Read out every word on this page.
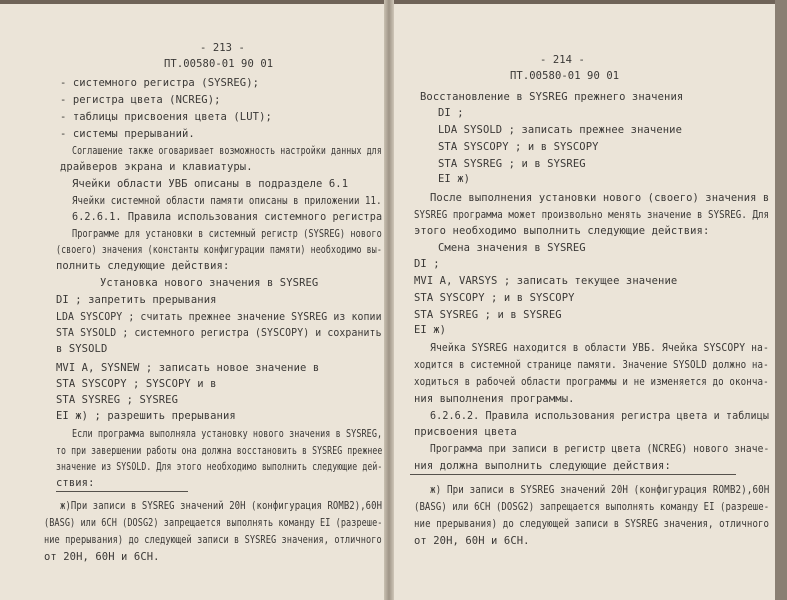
- 213 -
ПТ.00580-01 90 01
- системного регистра (SYSREG);
- регистра цвета (NCREG);
- таблицы присвоения цвета (LUT);
- системы прерываний.
Соглашение также оговаривает возможность настройки данных для
драйверов экрана и клавиатуры.
Ячейки области УВБ описаны в подразделе 6.1
Ячейки системной области памяти описаны в приложении 11.
6.2.6.1. Правила использования системного регистра
Программе для установки в системный регистр (SYSREG) нового
(своего) значения (константы конфигурации памяти) необходимо вы-
полнить следующие действия:
Установка нового значения в SYSREG
DI ; запретить прерывания
LDA SYSCOPY ; считать прежнее значение SYSREG из копии
STA SYSOLD ; системного регистра (SYSCOPY) и сохранить
в SYSOLD
MVI A, SYSNEW ; записать новое значение в
STA SYSCOPY ; SYSCOPY и в
STA SYSREG ; SYSREG
EI ж) ; разрешить прерывания
Если программа выполняла установку нового значения в SYSREG,
то при завершении работы она должна восстановить в SYSREG прежнее
значение из SYSOLD. Для этого необходимо выполнить следующие дей-
ствия:
ж)При записи в SYSREG значений 20Н (конфигурация ROMB2),60Н
(BASG) или 6СН (DOSG2) запрещается выполнять команду EI (разреше-
ние прерывания) до следующей записи в SYSREG значения, отличного
от 20Н, 60Н и 6СН.
- 214 -
ПТ.00580-01 90 01
Восстановление в SYSREG прежнего значения
DI ;
LDA SYSOLD ; записать прежнее значение
STA SYSCOPY ; и в SYSCOPY
STA SYSREG ; и в SYSREG
EI ж)
После выполнения установки нового (своего) значения в
SYSREG программа может произвольно менять значение в SYSREG. Для
этого необходимо выполнить следующие действия:
Смена значения в SYSREG
DI ;
MVI A, VARSYS ; записать текущее значение
STA SYSCOPY ; и в SYSCOPY
STA SYSREG ; и в SYSREG
EI ж)
Ячейка SYSREG находится в области УВБ. Ячейка SYSCOPY на-
ходится в системной странице памяти. Значение SYSOLD должно на-
ходиться в рабочей области программы и не изменяется до оконча-
ния выполнения программы.
6.2.6.2. Правила использования регистра цвета и таблицы
присвоения цвета
Программа при записи в регистр цвета (NCREG) нового значе-
ния должна выполнить следующие действия:
ж) При записи в SYSREG значений 20Н (конфигурация ROMB2),60Н
(BASG) или 6СН (DOSG2) запрещается выполнять команду EI (разреше-
ние прерывания) до следующей записи в SYSREG значения, отличного
от 20Н, 60Н и 6СН.
